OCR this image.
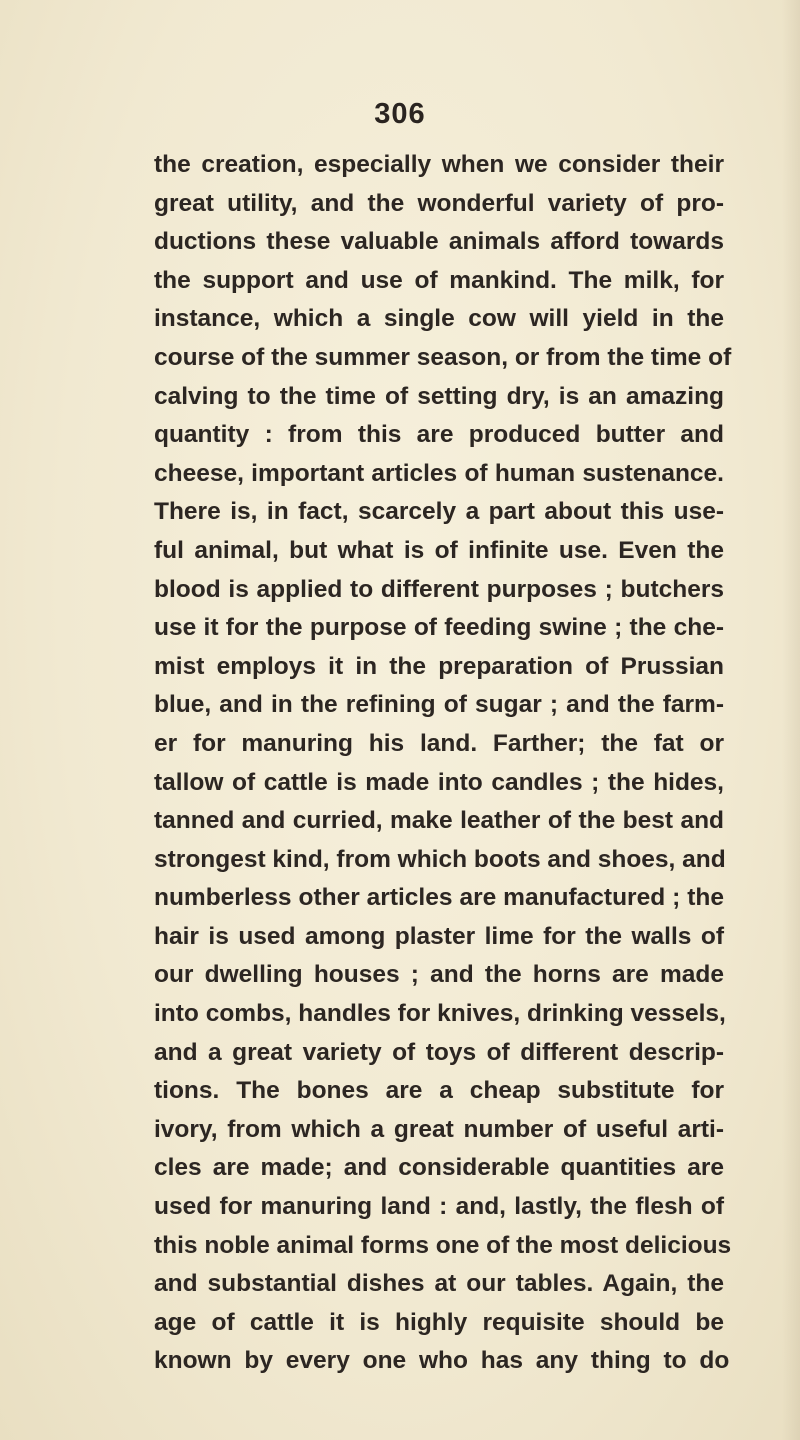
306
the creation, especially when we consider their
great utility, and the wonderful variety of pro-
ductions these valuable animals afford towards
the support and use of mankind. The milk, for
instance, which a single cow will yield in the
course of the summer season, or from the time of
calving to the time of setting dry, is an amazing
quantity : from this are produced butter and
cheese, important articles of human sustenance.
There is, in fact, scarcely a part about this use-
ful animal, but what is of infinite use. Even the
blood is applied to different purposes ; butchers
use it for the purpose of feeding swine ; the che-
mist employs it in the preparation of Prussian
blue, and in the refining of sugar ; and the farm-
er for manuring his land. Farther; the fat or
tallow of cattle is made into candles ; the hides,
tanned and curried, make leather of the best and
strongest kind, from which boots and shoes, and
numberless other articles are manufactured ; the
hair is used among plaster lime for the walls of
our dwelling houses ; and the horns are made
into combs, handles for knives, drinking vessels,
and a great variety of toys of different descrip-
tions. The bones are a cheap substitute for
ivory, from which a great number of useful arti-
cles are made; and considerable quantities are
used for manuring land : and, lastly, the flesh of
this noble animal forms one of the most delicious
and substantial dishes at our tables. Again, the
age of cattle it is highly requisite should be
known by every one who has any thing to do
